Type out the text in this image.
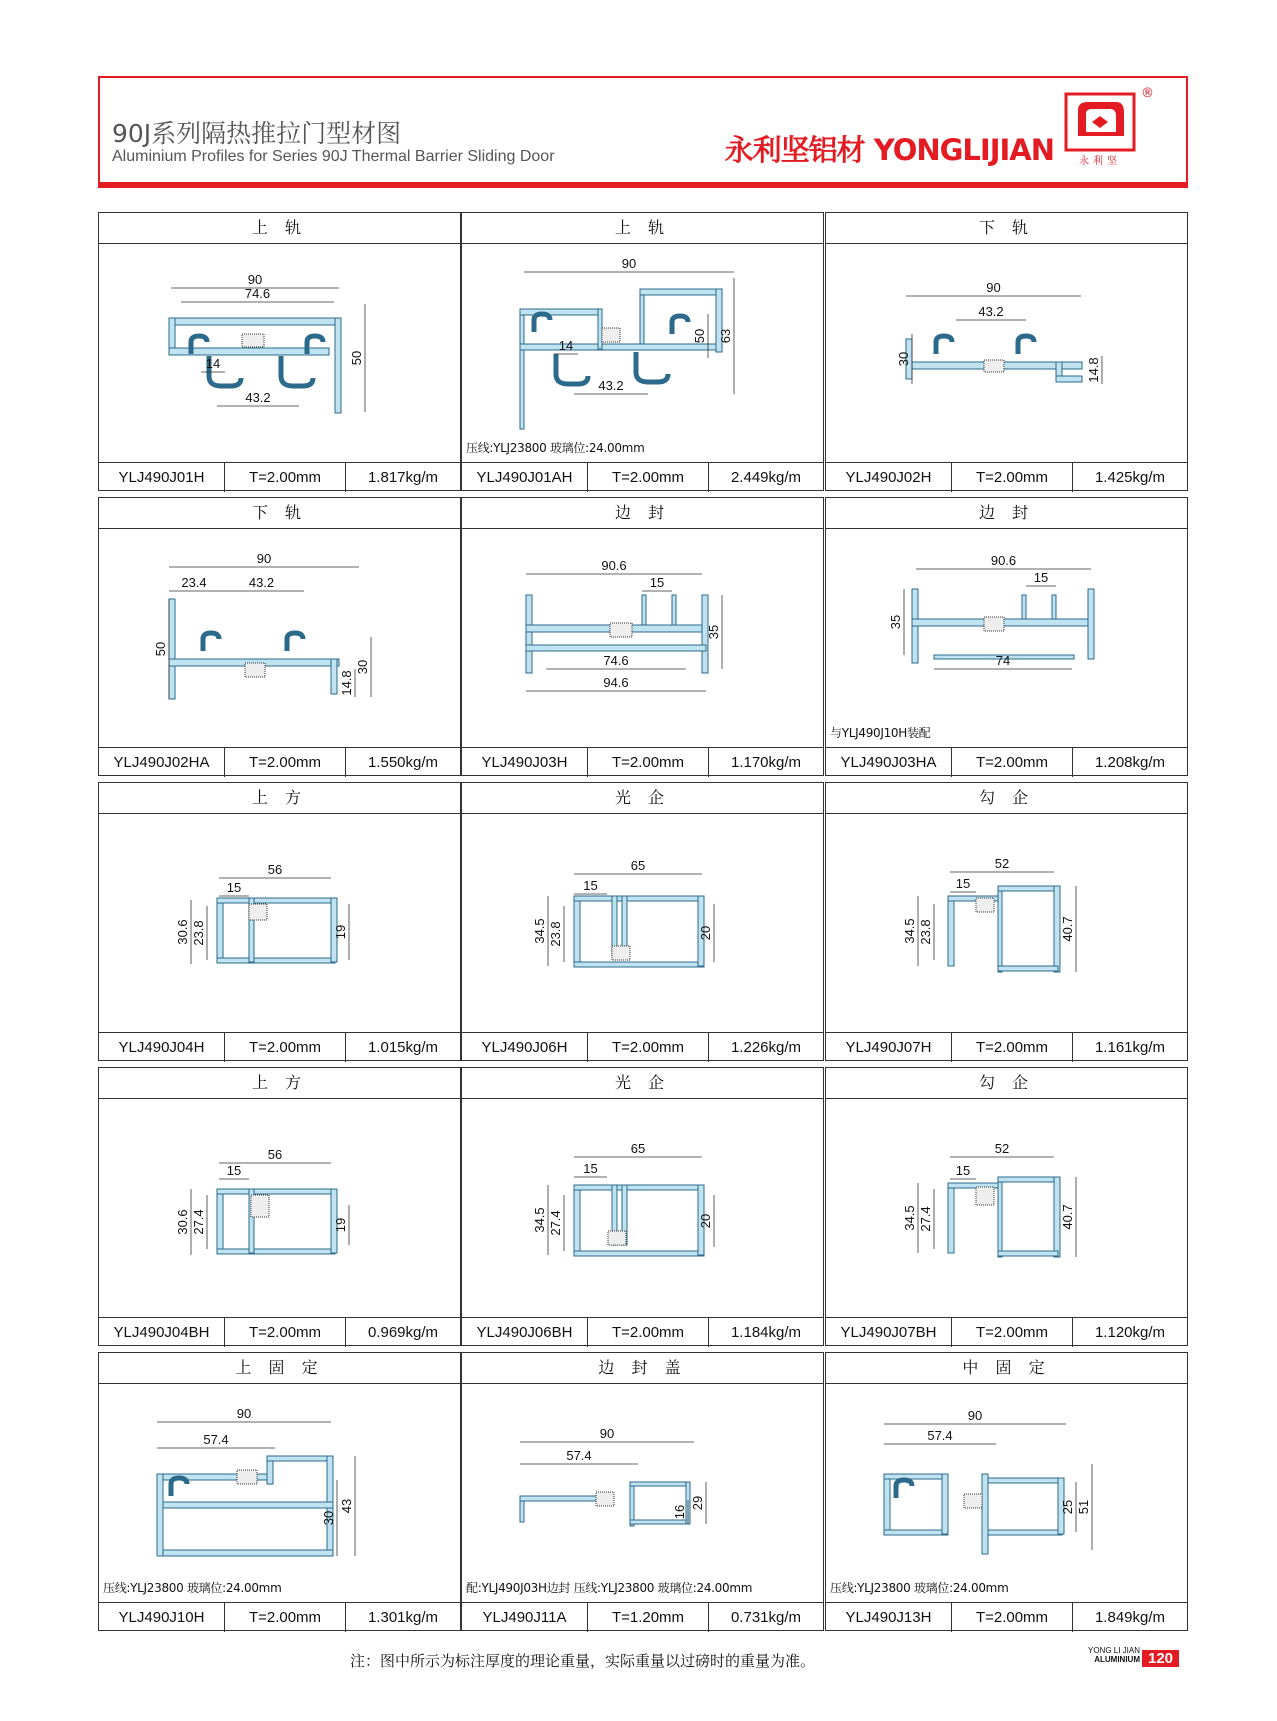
90J系列隔热推拉门型材图
Aluminium Profiles for Series 90J Thermal Barrier Sliding Door	永利坚铝材 YONGLIJIAN	永利坚
®
上 轨
90
74.6
14
43.2
50
YLJ490J01H	T=2.00mm	1.817kg/m
上 轨
90
14
43.2
50 63
压线:YLJ23800 玻璃位:24.00mm
YLJ490J01AH	T=2.00mm	2.449kg/m
下 轨
90
43.2
30	14.8
YLJ490J02H	T=2.00mm	1.425kg/m
下 轨
90
23.4	43.2
50
30
14.8
YLJ490J02HA	T=2.00mm	1.550kg/m
边 封
90.6
15
35
74.6
94.6
YLJ490J03H	T=2.00mm	1.170kg/m
边 封
90.6
15
35
74
与YLJ490J10H装配
YLJ490J03HA	T=2.00mm	1.208kg/m
上 方
56
15
30.6 23.8	19
YLJ490J04H	T=2.00mm	1.015kg/m
光 企
65
15
34.5 23.8	20
YLJ490J06H	T=2.00mm	1.226kg/m
勾 企
52
15
34.5 23.8	40.7
YLJ490J07H	T=2.00mm	1.161kg/m
上 方
56
15
30.6 27.4	19
YLJ490J04BH	T=2.00mm	0.969kg/m
光 企
65
15
34.5 27.4	20
YLJ490J06BH	T=2.00mm	1.184kg/m
勾 企
52
15
34.5 27.4	40.7
YLJ490J07BH	T=2.00mm	1.120kg/m
上 固 定
90
57.4
30
43
压线:YLJ23800 玻璃位:24.00mm
YLJ490J10H	T=2.00mm	1.301kg/m
边 封 盖
90
57.4
16
29
配:YLJ490J03H边封 压线:YLJ23800 玻璃位:24.00mm
YLJ490J11A	T=1.20mm	0.731kg/m
中 固 定
90
57.4
25 51
压线:YLJ23800 玻璃位:24.00mm
YLJ490J13H	T=2.00mm	1.849kg/m
注：图中所示为标注厚度的理论重量，实际重量以过磅时的重量为准。
YONG LI JIAN
ALUMINIUM 120
